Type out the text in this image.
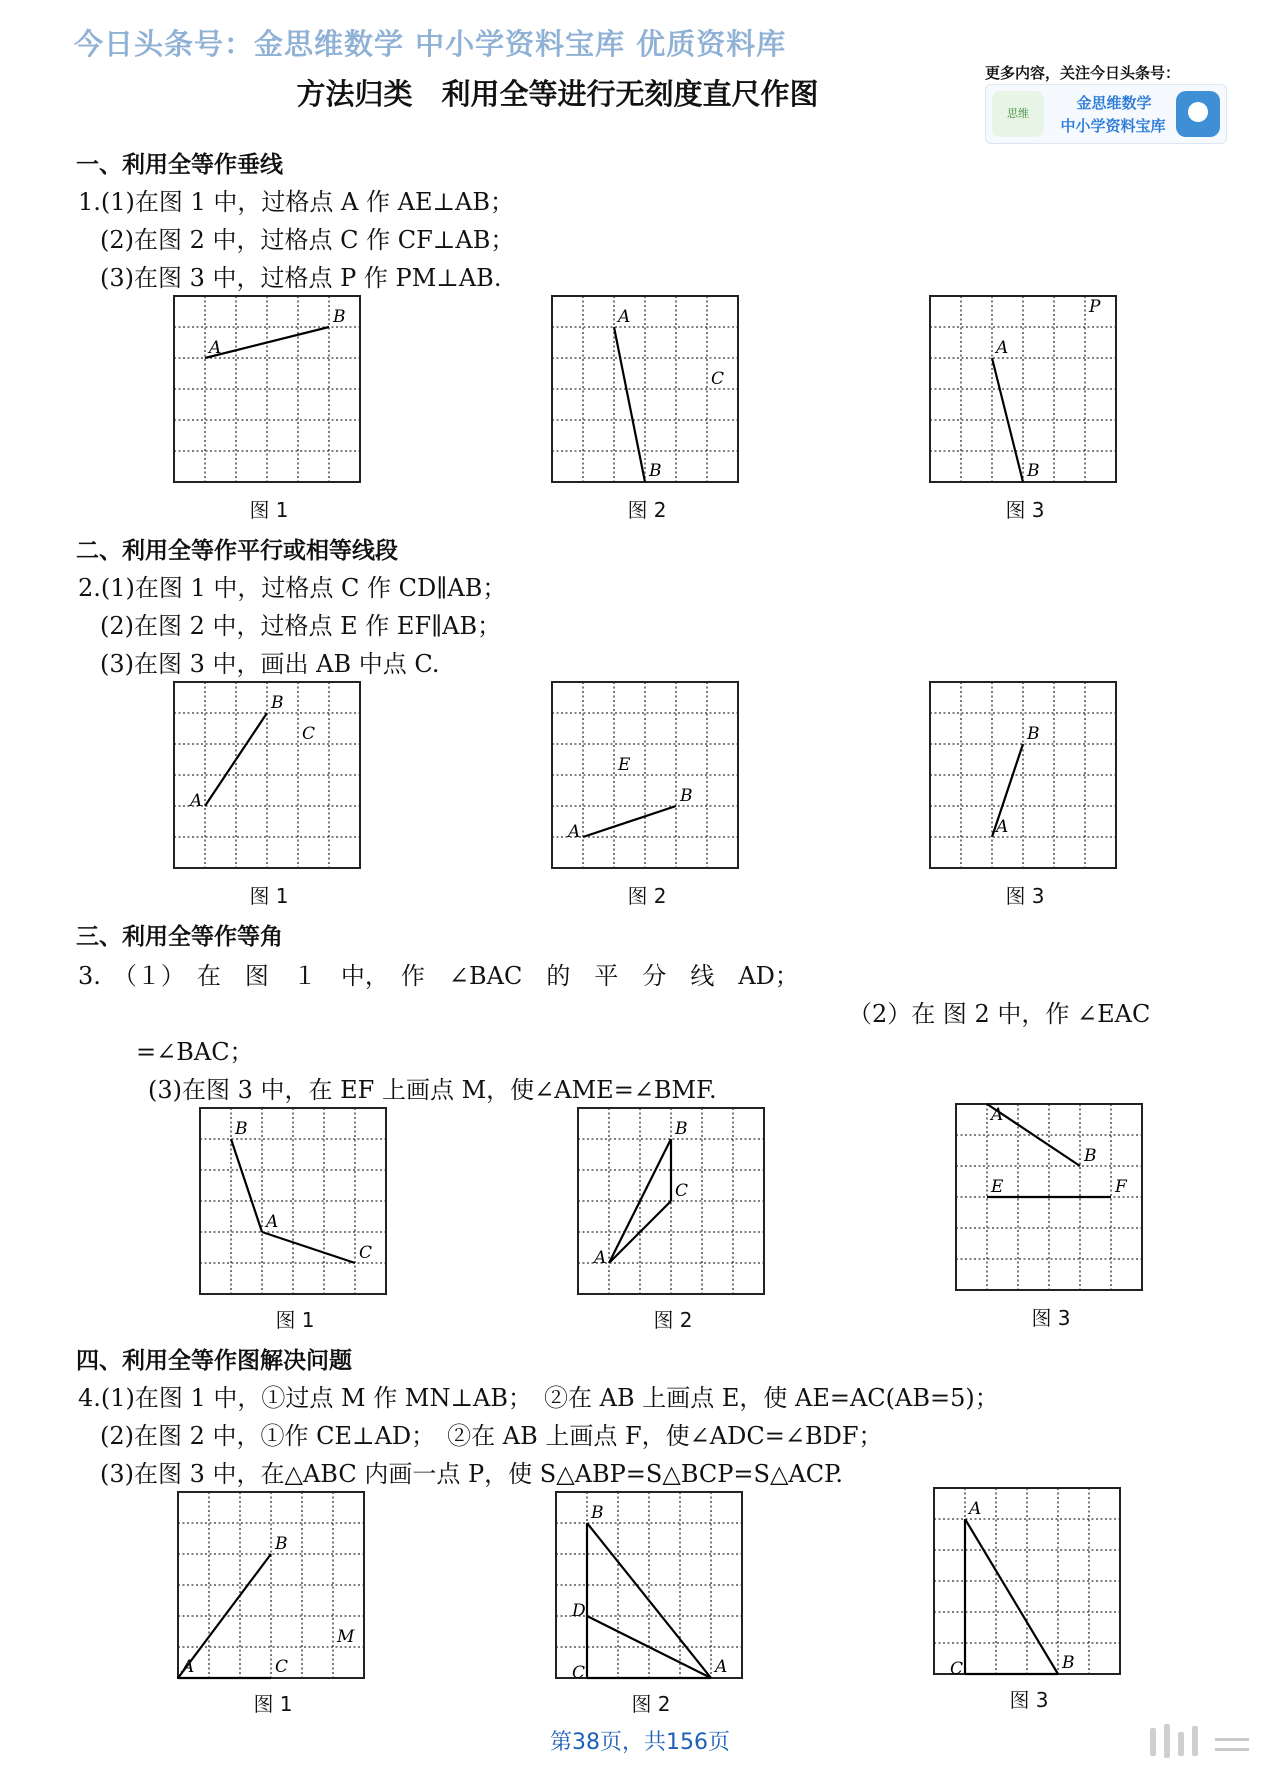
今日头条号：金思维数学 中小学资料宝库 优质资料库
方法归类　利用全等进行无刻度直尺作图
更多内容，关注今日头条号：
思维
金思维数学
中小学资料宝库
一、利用全等作垂线
1.(1)在图 1 中，过格点 A 作 AE⊥AB；
(2)在图 2 中，过格点 C 作 CF⊥AB；
(3)在图 3 中，过格点 P 作 PM⊥AB.
A
B	A
B
C
P
A
B
图 1	图 2	图 3
二、利用全等作平行或相等线段
2.(1)在图 1 中，过格点 C 作 CD∥AB；
(2)在图 2 中，过格点 E 作 EF∥AB；
(3)在图 3 中，画出 AB 中点 C.
A
B
C
A
B
E
A
B
图 1	图 2	图 3
三、利用全等作等角
3.　（１）　在　图　１　中，　作　∠BAC　的　平　分　线　AD；
（2）在 图 2 中，作 ∠EAC
=∠BAC；
(3)在图 3 中，在 EF 上画点 M，使∠AME=∠BMF.
B
A
C
B
C
A
A
B
E	F
图 1	图 2	图 3
四、利用全等作图解决问题
4.(1)在图 1 中，①过点 M 作 MN⊥AB；　②在 AB 上画点 E，使 AE=AC(AB=5)；
(2)在图 2 中，①作 CE⊥AD；　②在 AB 上画点 F，使∠ADC=∠BDF；
(3)在图 3 中，在△ABC 内画一点 P，使 S△ABP=S△BCP=S△ACP.
B
A	C
M
B
D
C	A
A
C	B
图 1	图 2	图 3
第38页，共156页
